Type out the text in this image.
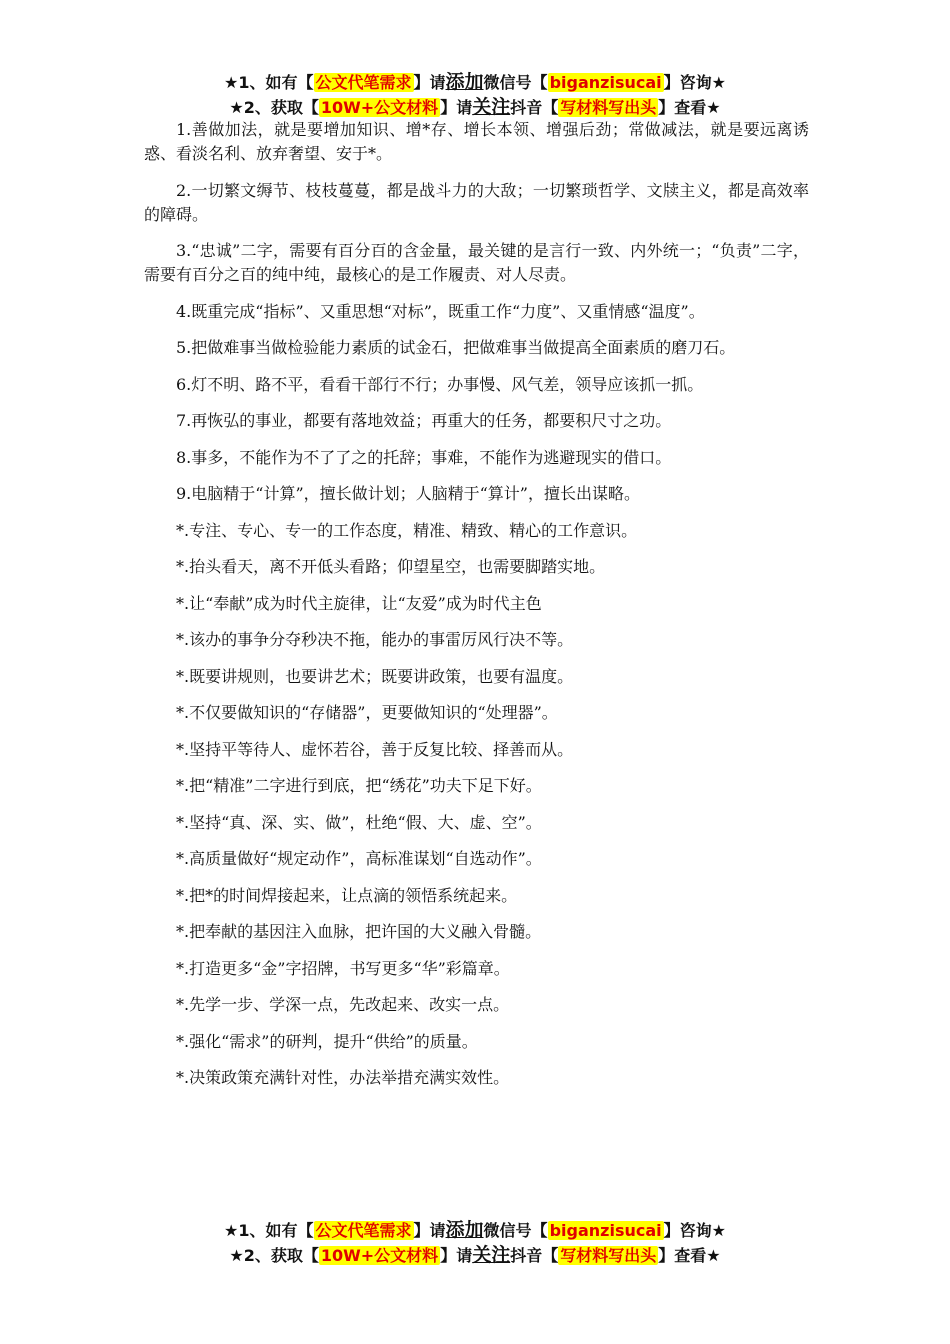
★1、如有【 公文代笔需求 】请添加微信号【 biganzisucai 】咨询★
★2、获取【 10W+公文材料 】请关注抖音【 写材料写出头 】查看★

1.善做加法，就是要增加知识、增*存、增长本领、增强后劲；常做减法，就是要远离诱惑、看淡名利、放弃奢望、安于*。

2.一切繁文缛节、枝枝蔓蔓，都是战斗力的大敌；一切繁琐哲学、文牍主义，都是高效率的障碍。

3.“忠诚”二字，需要有百分百的含金量，最关键的是言行一致、内外统一；“负责”二字， 需要有百分之百的纯中纯，最核心的是工作履责、对人尽责。

4.既重完成“指标”、又重思想“对标”，既重工作“力度”、又重情感“温度”。

5.把做难事当做检验能力素质的试金石，把做难事当做提高全面素质的磨刀石。

6.灯不明、路不平，看看干部行不行；办事慢、风气差，领导应该抓一抓。

7.再恢弘的事业，都要有落地效益；再重大的任务，都要积尺寸之功。

8.事多，不能作为不了了之的托辞；事难，不能作为逃避现实的借口。

9.电脑精于“计算”，擅长做计划；人脑精于“算计”，擅长出谋略。

*.专注、专心、专一的工作态度，精准、精致、精心的工作意识。

*.抬头看天，离不开低头看路；仰望星空，也需要脚踏实地。

*.让“奉献”成为时代主旋律，让“友爱”成为时代主色

*.该办的事争分夺秒决不拖，能办的事雷厉风行决不等。

*.既要讲规则，也要讲艺术；既要讲政策，也要有温度。

*.不仅要做知识的“存储器”，更要做知识的“处理器”。

*.坚持平等待人、虚怀若谷，善于反复比较、择善而从。

*.把“精准”二字进行到底，把“绣花”功夫下足下好。

*.坚持“真、深、实、做”，杜绝“假、大、虚、空”。

*.高质量做好“规定动作”，高标准谋划“自选动作”。

*.把*的时间焊接起来，让点滴的领悟系统起来。

*.把奉献的基因注入血脉，把许国的大义融入骨髓。

*.打造更多“金”字招牌，书写更多“华”彩篇章。

*.先学一步、学深一点，先改起来、改实一点。

*.强化“需求”的研判，提升“供给”的质量。

*.决策政策充满针对性，办法举措充满实效性。

★1、如有【 公文代笔需求 】请添加微信号【 biganzisucai 】咨询★
★2、获取【 10W+公文材料 】请关注抖音【 写材料写出头 】查看★
